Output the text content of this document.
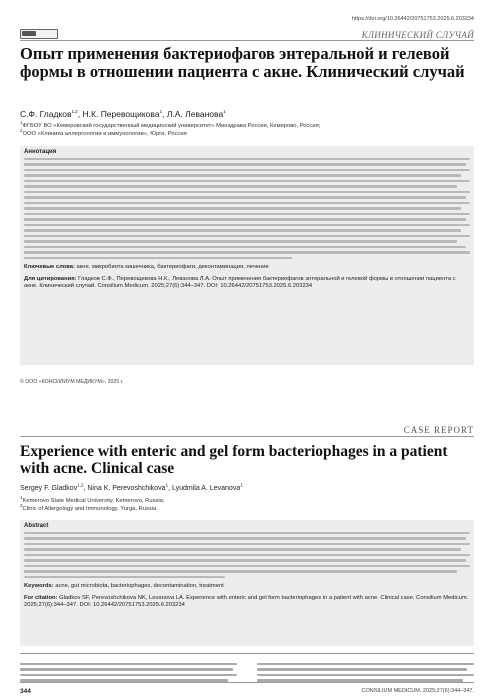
https://doi.org/10.26442/20751753.2025.6.203234
КЛИНИЧЕСКИЙ СЛУЧАЙ
Опыт применения бактериофагов энтеральной и гелевой формы в отношении пациента с акне. Клинический случай
С.Ф. Гладков$^{1,2}$, Н.К. Перевощикова$^1$, Л.А. Леванова$^1$
$^1$ФГБОУ ВО «Кемеровский государственный медицинский университет» Минздрава России, Кемерово, Россия;
$^2$ООО «Клиника аллергологии и иммунологии», Юрга, Россия
Аннотация
Ключевые слова: акне, микробиота кишечника, бактериофаги, деконтаминация, лечение
Для цитирования: Гладков С.Ф., Перевощикова Н.К., Леванова Л.А. Опыт применения бактериофагов энтеральной и гелевой формы в отношении пациента с акне. Клинический случай. Consilium Medicum. 2025;27(6):344–347. DOI: 10.26442/20751753.2025.6.203234
© ООО «КОНСИЛИУМ МЕДИКУМ», 2025 г.
CASE REPORT
Experience with enteric and gel form bacteriophages in a patient with acne. Clinical case
Sergey F. Gladkov$^{1,2}$, Nina K. Perevoshchikova$^1$, Lyudmila A. Levanova$^1$
$^1$Kemerovo State Medical University, Kemerovo, Russia;
$^2$Clinic of Allergology and Immunology, Yurga, Russia
Abstract
Keywords: acne, gut microbiota, bacteriophages, decontamination, treatment
For citation: Gladkov SF, Perevoshchikova NK, Levanova LA. Experience with enteric and gel form bacteriophages in a patient with acne. Clinical case. Consilium Medicum. 2025;27(6):344–347. DOI: 10.26442/20751753.2025.6.203234
344	CONSILIUM MEDICUM. 2025;27(6):344–347.
